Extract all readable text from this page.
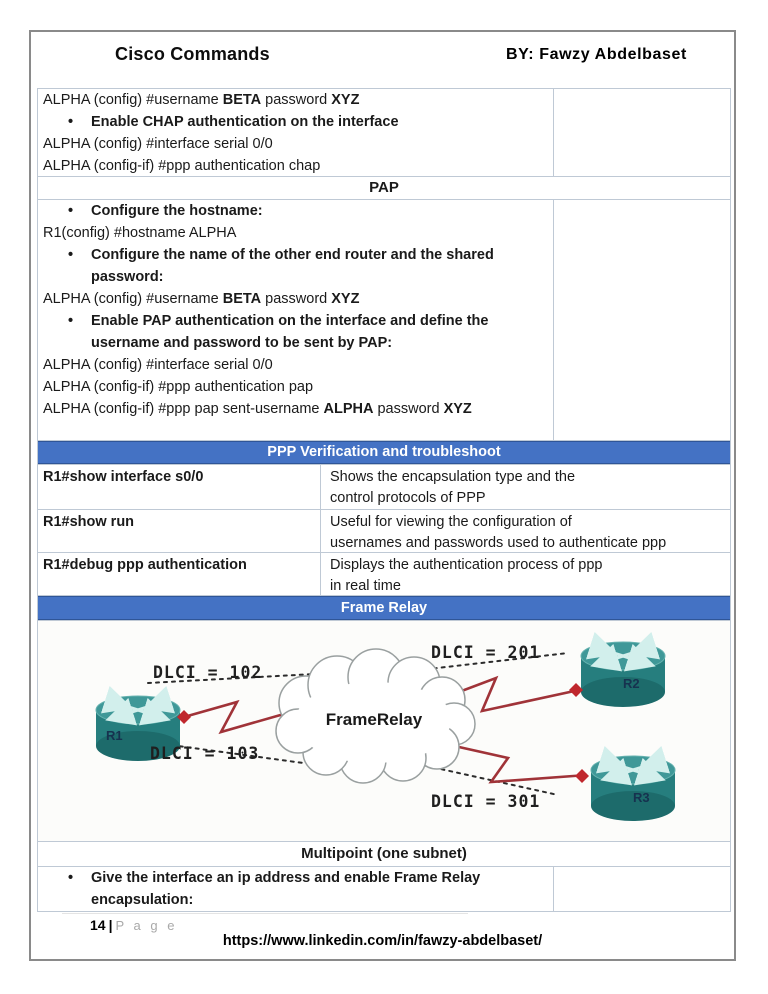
Cisco Commands	BY: Fawzy Abdelbaset
ALPHA (config) #username BETA password XYZ
• Enable CHAP authentication on the interface
ALPHA (config) #interface serial 0/0
ALPHA (config-if) #ppp authentication chap
PAP
• Configure the hostname:
R1(config) #hostname ALPHA
• Configure the name of the other end router and the shared
password:
ALPHA (config) #username BETA password XYZ
• Enable PAP authentication on the interface and define the
username and password to be sent by PAP:
ALPHA (config) #interface serial 0/0
ALPHA (config-if) #ppp authentication pap
ALPHA (config-if) #ppp pap sent-username ALPHA password XYZ
PPP Verification and troubleshoot
R1#show interface s0/0	Shows the encapsulation type and the
control protocols of PPP
R1#show run	Useful for viewing the configuration of
usernames and passwords used to authenticate ppp
R1#debug ppp authentication	Displays the authentication process of ppp
in real time
Frame Relay
FrameRelay
R1
R2
R3
DLCI = 102
DLCI = 103
DLCI = 201
DLCI = 301
Multipoint (one subnet)
• Give the interface an ip address and enable Frame Relay
encapsulation:
14 | P a g e
https://www.linkedin.com/in/fawzy-abdelbaset/
